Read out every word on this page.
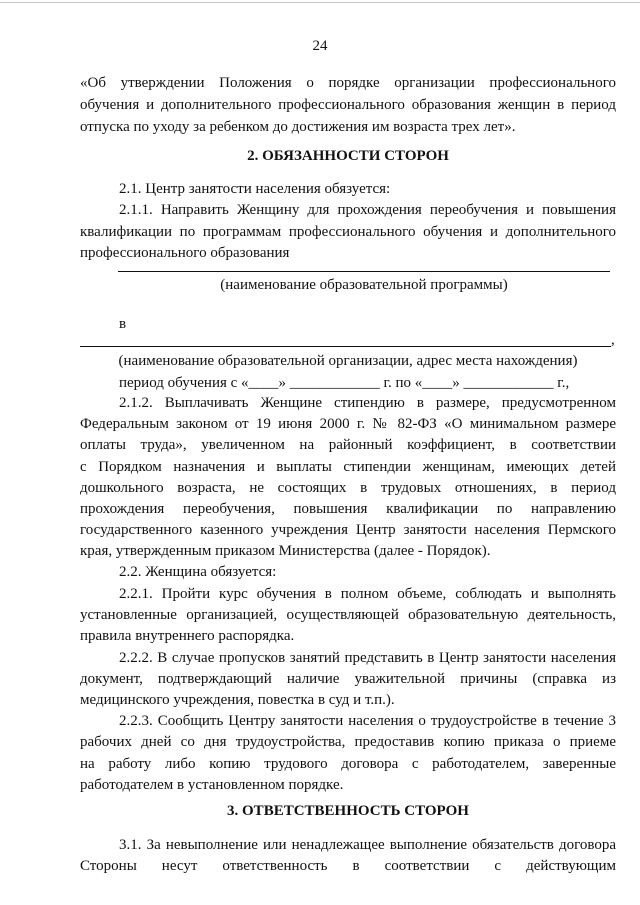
24
«Об утверждении Положения о порядке организации профессионального
обучения и дополнительного профессионального образования женщин в период
отпуска по уходу за ребенком до достижения им возраста трех лет».
2. ОБЯЗАННОСТИ СТОРОН
2.1. Центр занятости населения обязуется:
2.1.1. Направить Женщину для прохождения переобучения и повышения
квалификации по программам профессионального обучения и дополнительного
профессионального образования
(наименование образовательной программы)
в
,
(наименование образовательной организации, адрес места нахождения)
период обучения с «____» ____________ г. по «____» ____________ г.,
2.1.2. Выплачивать Женщине стипендию в размере, предусмотренном
Федеральным законом от 19 июня 2000 г. № 82-ФЗ «О минимальном размере
оплаты труда», увеличенном на районный коэффициент, в соответствии
с Порядком назначения и выплаты стипендии женщинам, имеющих детей
дошкольного возраста, не состоящих в трудовых отношениях, в период
прохождения переобучения, повышения квалификации по направлению
государственного казенного учреждения Центр занятости населения Пермского
края, утвержденным приказом Министерства (далее - Порядок).
2.2. Женщина обязуется:
2.2.1. Пройти курс обучения в полном объеме, соблюдать и выполнять
установленные организацией, осуществляющей образовательную деятельность,
правила внутреннего распорядка.
2.2.2. В случае пропусков занятий представить в Центр занятости населения
документ, подтверждающий наличие уважительной причины (справка из
медицинского учреждения, повестка в суд и т.п.).
2.2.3. Сообщить Центру занятости населения о трудоустройстве в течение 3
рабочих дней со дня трудоустройства, предоставив копию приказа о приеме
на работу либо копию трудового договора с работодателем, заверенные
работодателем в установленном порядке.
3. ОТВЕТСТВЕННОСТЬ СТОРОН
3.1. За невыполнение или ненадлежащее выполнение обязательств договора
Стороны несут ответственность в соответствии с действующим
